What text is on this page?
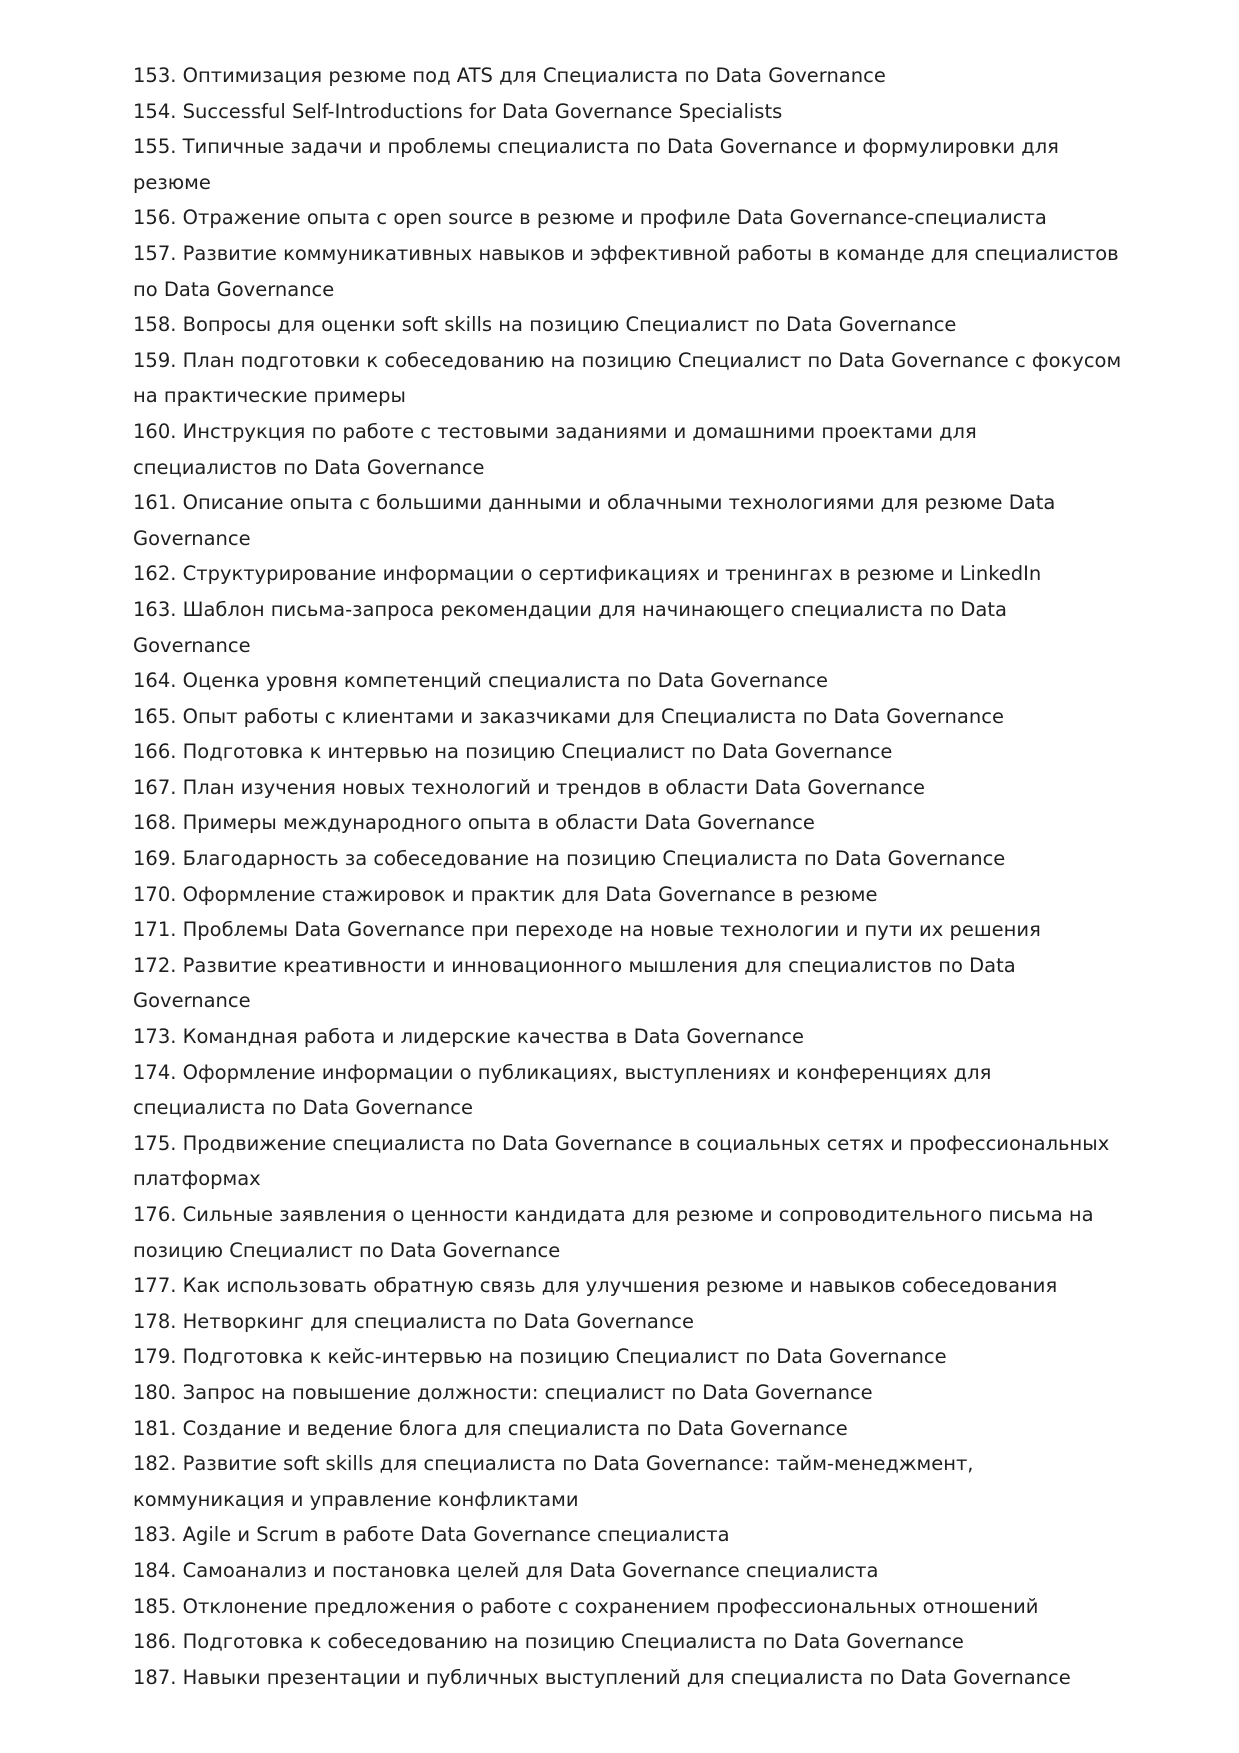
153. Оптимизация резюме под ATS для Специалиста по Data Governance
154. Successful Self-Introductions for Data Governance Specialists
155. Типичные задачи и проблемы специалиста по Data Governance и формулировки для резюме
156. Отражение опыта с open source в резюме и профиле Data Governance-специалиста
157. Развитие коммуникативных навыков и эффективной работы в команде для специалистов по Data Governance
158. Вопросы для оценки soft skills на позицию Специалист по Data Governance
159. План подготовки к собеседованию на позицию Специалист по Data Governance с фокусом на практические примеры
160. Инструкция по работе с тестовыми заданиями и домашними проектами для специалистов по Data Governance
161. Описание опыта с большими данными и облачными технологиями для резюме Data Governance
162. Структурирование информации о сертификациях и тренингах в резюме и LinkedIn
163. Шаблон письма-запроса рекомендации для начинающего специалиста по Data Governance
164. Оценка уровня компетенций специалиста по Data Governance
165. Опыт работы с клиентами и заказчиками для Специалиста по Data Governance
166. Подготовка к интервью на позицию Специалист по Data Governance
167. План изучения новых технологий и трендов в области Data Governance
168. Примеры международного опыта в области Data Governance
169. Благодарность за собеседование на позицию Специалиста по Data Governance
170. Оформление стажировок и практик для Data Governance в резюме
171. Проблемы Data Governance при переходе на новые технологии и пути их решения
172. Развитие креативности и инновационного мышления для специалистов по Data Governance
173. Командная работа и лидерские качества в Data Governance
174. Оформление информации о публикациях, выступлениях и конференциях для специалиста по Data Governance
175. Продвижение специалиста по Data Governance в социальных сетях и профессиональных платформах
176. Сильные заявления о ценности кандидата для резюме и сопроводительного письма на позицию Специалист по Data Governance
177. Как использовать обратную связь для улучшения резюме и навыков собеседования
178. Нетворкинг для специалиста по Data Governance
179. Подготовка к кейс-интервью на позицию Специалист по Data Governance
180. Запрос на повышение должности: специалист по Data Governance
181. Создание и ведение блога для специалиста по Data Governance
182. Развитие soft skills для специалиста по Data Governance: тайм-менеджмент, коммуникация и управление конфликтами
183. Agile и Scrum в работе Data Governance специалиста
184. Самоанализ и постановка целей для Data Governance специалиста
185. Отклонение предложения о работе с сохранением профессиональных отношений
186. Подготовка к собеседованию на позицию Специалиста по Data Governance
187. Навыки презентации и публичных выступлений для специалиста по Data Governance
